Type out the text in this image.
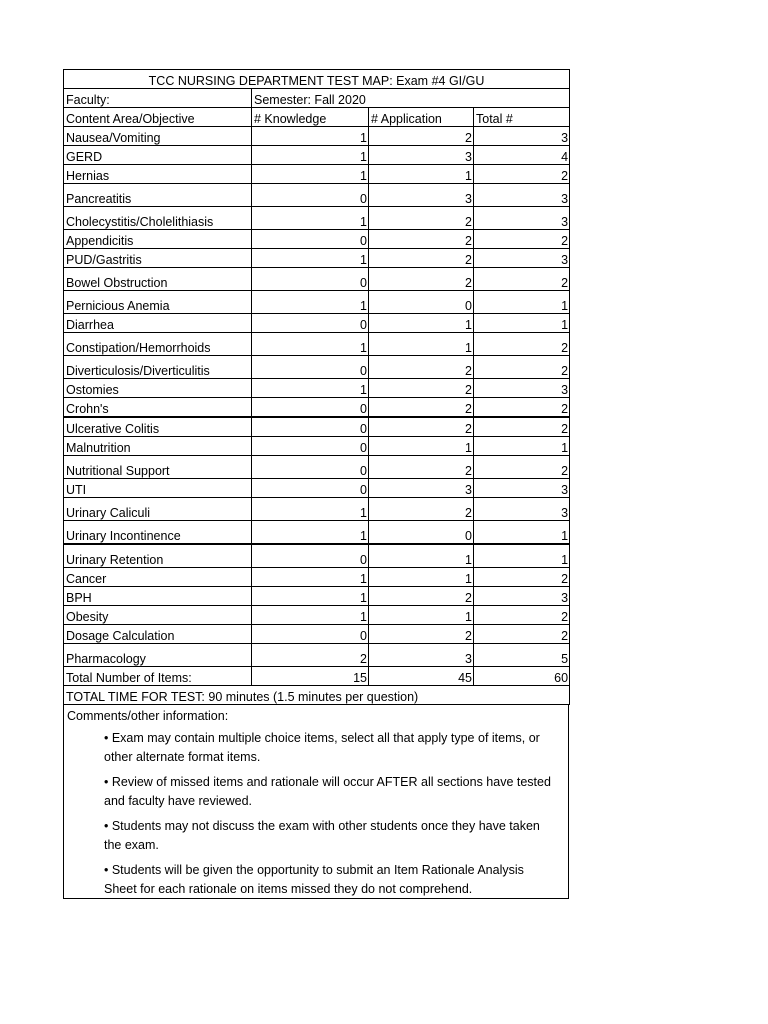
TCC NURSING DEPARTMENT TEST MAP: Exam #4 GI/GU			
Faculty:	Semester: Fall 2020		
Content Area/Objective	# Knowledge	# Application	Total #
Nausea/Vomiting	1	2	3
GERD	1	3	4
Hernias	1	1	2
Pancreatitis	0	3	3
Cholecystitis/Cholelithiasis	1	2	3
Appendicitis	0	2	2
PUD/Gastritis	1	2	3
Bowel Obstruction	0	2	2
Pernicious Anemia	1	0	1
Diarrhea	0	1	1
Constipation/Hemorrhoids	1	1	2
Diverticulosis/Diverticulitis	0	2	2
Ostomies	1	2	3
Crohn's	0	2	2
Ulcerative Colitis	0	2	2
Malnutrition	0	1	1
Nutritional Support	0	2	2
UTI	0	3	3
Urinary Caliculi	1	2	3
Urinary Incontinence	1	0	1
Urinary Retention	0	1	1
Cancer	1	1	2
BPH	1	2	3
Obesity	1	1	2
Dosage Calculation	0	2	2
Pharmacology	2	3	5
Total Number of Items:	15	45	60
TOTAL TIME FOR TEST: 90 minutes (1.5 minutes per question)			
Comments/other information:
• Exam may contain multiple choice items, select all that apply type of items, or other alternate format items.
• Review of missed items and rationale will occur AFTER all sections have tested and faculty have reviewed.
• Students may not discuss the exam with other students once they have taken the exam.
• Students will be given the opportunity to submit an Item Rationale Analysis Sheet for each rationale on items missed they do not comprehend.
